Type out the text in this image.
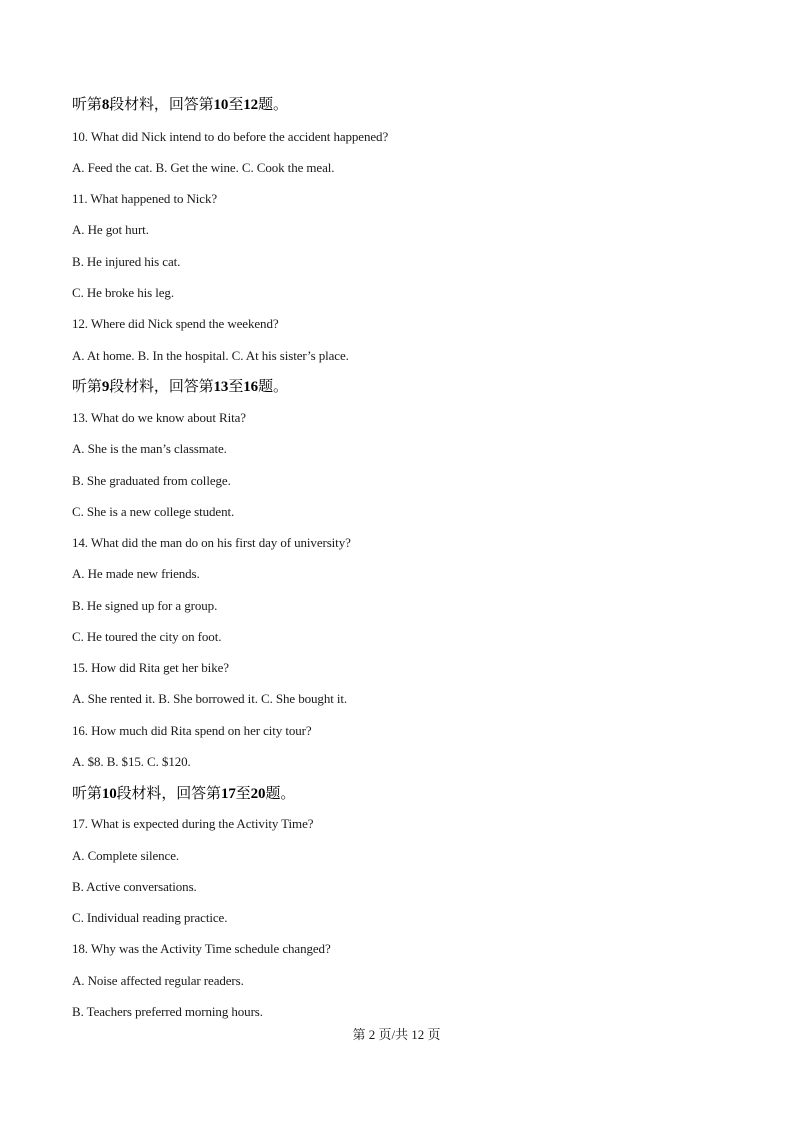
听第8段材料，回答第10至12题。
10. What did Nick intend to do before the accident happened?
A. Feed the cat. B. Get the wine. C. Cook the meal.
11. What happened to Nick?
A. He got hurt.
B. He injured his cat.
C. He broke his leg.
12. Where did Nick spend the weekend?
A. At home. B. In the hospital. C. At his sister’s place.
听第9段材料，回答第13至16题。
13. What do we know about Rita?
A. She is the man’s classmate.
B. She graduated from college.
C. She is a new college student.
14. What did the man do on his first day of university?
A. He made new friends.
B. He signed up for a group.
C. He toured the city on foot.
15. How did Rita get her bike?
A. She rented it. B. She borrowed it. C. She bought it.
16. How much did Rita spend on her city tour?
A. $8. B. $15. C. $120.
听第10段材料，回答第17至20题。
17. What is expected during the Activity Time?
A. Complete silence.
B. Active conversations.
C. Individual reading practice.
18. Why was the Activity Time schedule changed?
A. Noise affected regular readers.
B. Teachers preferred morning hours.
第 2 页/共 12 页
